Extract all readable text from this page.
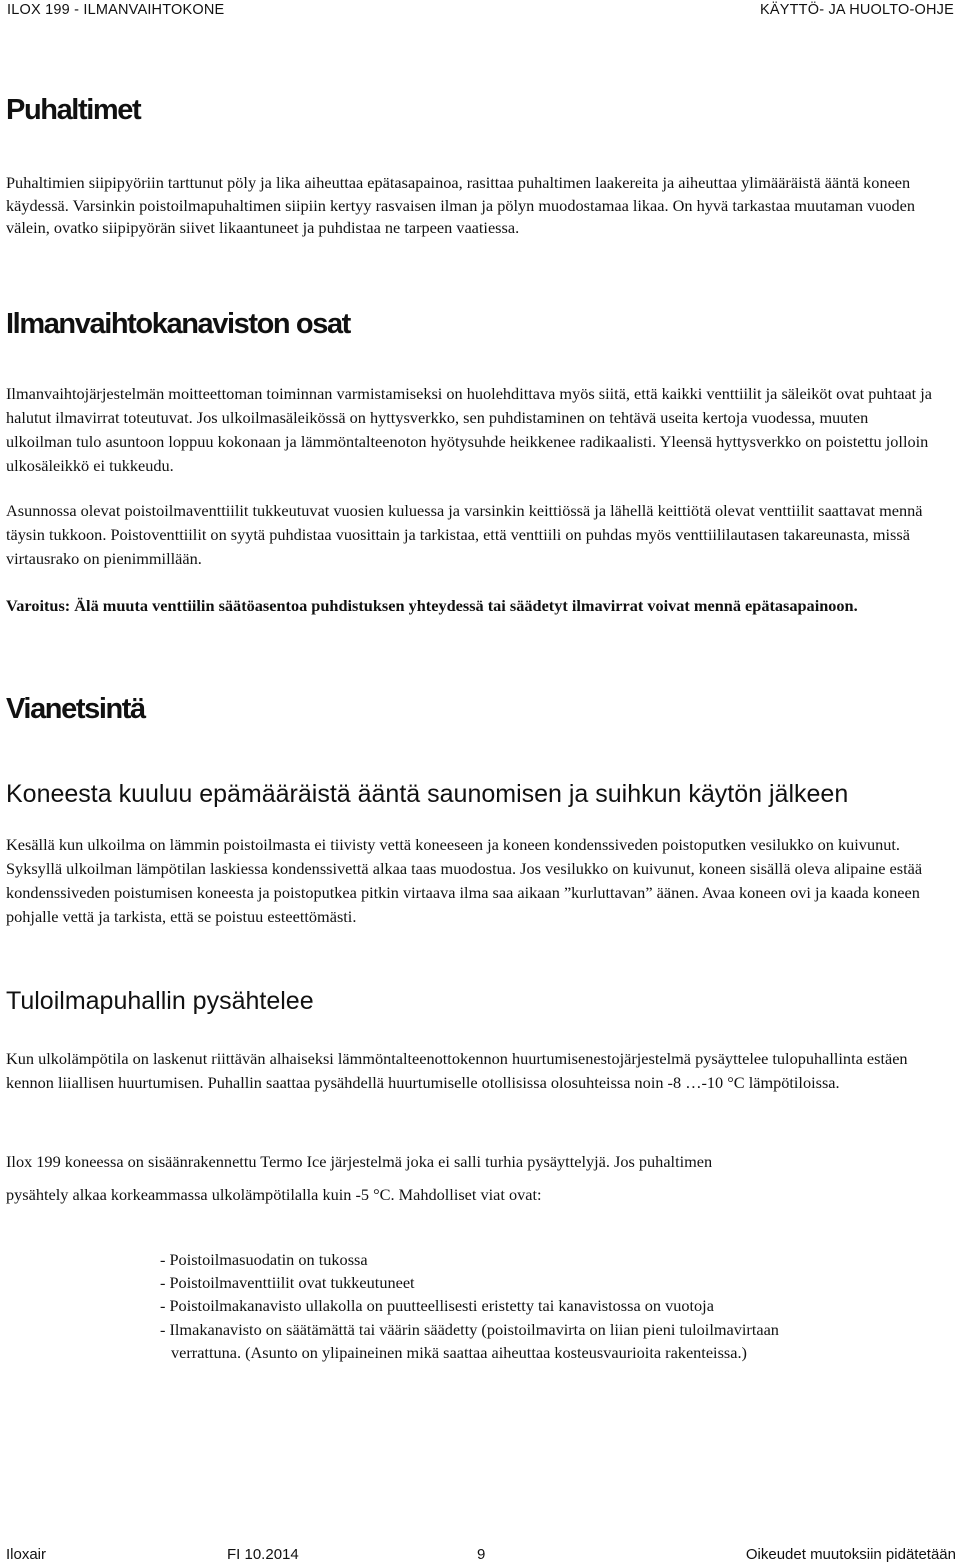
ILOX 199 - ILMANVAIHTOKONE	KÄYTTÖ- JA HUOLTO-OHJE
Puhaltimet

Puhaltimien siipipyöriin tarttunut pöly ja lika aiheuttaa epätasapainoa, rasittaa puhaltimen laakereita ja aiheuttaa ylimääräistä ääntä koneen käydessä. Varsinkin poistoilmapuhaltimen siipiin kertyy rasvaisen ilman ja pölyn muodostamaa likaa. On hyvä tarkastaa muutaman vuoden välein, ovatko siipipyörän siivet likaantuneet ja puhdistaa ne tarpeen vaatiessa.

Ilmanvaihtokanaviston osat

Ilmanvaihtojärjestelmän moitteettoman toiminnan varmistamiseksi on huolehdittava myös siitä, että kaikki venttiilit ja säleiköt ovat puhtaat ja halutut ilmavirrat toteutuvat. Jos ulkoilmasäleikössä on hyttysverkko, sen puhdistaminen on tehtävä useita kertoja vuodessa, muuten ulkoilman tulo asuntoon loppuu kokonaan ja lämmöntalteenoton hyötysuhde heikkenee radikaalisti. Yleensä hyttysverkko on poistettu jolloin ulkosäleikkö ei tukkeudu.

Asunnossa olevat poistoilmaventtiilit tukkeutuvat vuosien kuluessa ja varsinkin keittiössä ja lähellä keittiötä olevat venttiilit saattavat mennä täysin tukkoon. Poistoventtiilit on syytä puhdistaa vuosittain ja tarkistaa, että venttiili on puhdas myös venttiililautasen takareunasta, missä virtausrako on pienimmillään.

Varoitus: Älä muuta venttiilin säätöasentoa puhdistuksen yhteydessä tai säädetyt ilmavirrat voivat mennä epätasapainoon.

Vianetsintä
Koneesta kuuluu epämääräistä ääntä saunomisen ja suihkun käytön jälkeen

Kesällä kun ulkoilma on lämmin poistoilmasta ei tiivisty vettä koneeseen ja koneen kondenssiveden poistoputken vesilukko on kuivunut. Syksyllä ulkoilman lämpötilan laskiessa kondenssivettä alkaa taas muodostua. Jos vesilukko on kuivunut, koneen sisällä oleva alipaine estää kondenssiveden poistumisen koneesta ja poistoputkea pitkin virtaava ilma saa aikaan ”kurluttavan” äänen. Avaa koneen ovi ja kaada koneen pohjalle vettä ja tarkista, että se poistuu esteettömästi.

Tuloilmapuhallin pysähtelee

Kun ulkolämpötila on laskenut riittävän alhaiseksi lämmöntalteenottokennon huurtumisenestojärjestelmä pysäyttelee tulopuhallinta estäen kennon liiallisen huurtumisen. Puhallin saattaa pysähdellä huurtumiselle otollisissa olosuhteissa noin -8 …-10 °C lämpötiloissa.

Ilox 199 koneessa on sisäänrakennettu Termo Ice järjestelmä joka ei salli turhia pysäyttelyjä. Jos puhaltimen

pysähtely alkaa korkeammassa ulkolämpötilalla kuin -5 °C. Mahdolliset viat ovat:

- Poistoilmasuodatin on tukossa
- Poistoilmaventtiilit ovat tukkeutuneet
- Poistoilmakanavisto ullakolla on puutteellisesti eristetty tai kanavistossa on vuotoja
- Ilmakanavisto on säätämättä tai väärin säädetty (poistoilmavirta on liian pieni tuloilmavirtaan verrattuna. (Asunto on ylipaineinen mikä saattaa aiheuttaa kosteusvaurioita rakenteissa.)
Iloxair	FI 10.2014	9	Oikeudet muutoksiin pidätetään
